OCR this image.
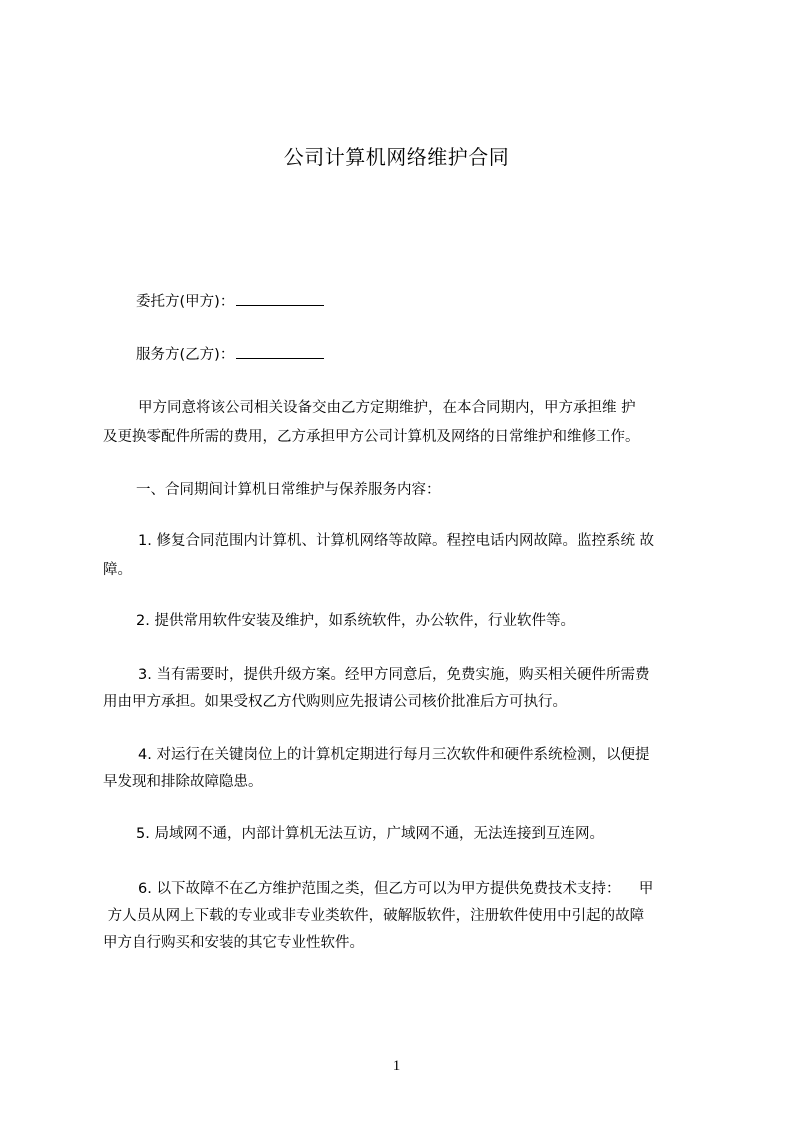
公司计算机网络维护合同
委托方(甲方)：
服务方(乙方)：
甲方同意将该公司相关设备交由乙方定期维护，在本合同期内，甲方承担维 护
及更换零配件所需的费用，乙方承担甲方公司计算机及网络的日常维护和维修工作。
一、合同期间计算机日常维护与保养服务内容：
1. 修复合同范围内计算机、计算机网络等故障。程控电话内网故障。监控系统 故
障。
2. 提供常用软件安装及维护，如系统软件，办公软件，行业软件等。
3. 当有需要时，提供升级方案。经甲方同意后，免费实施，购买相关硬件所需费
用由甲方承担。如果受权乙方代购则应先报请公司核价批准后方可执行。
4. 对运行在关键岗位上的计算机定期进行每月三次软件和硬件系统检测，以便提
早发现和排除故障隐患。
5. 局域网不通，内部计算机无法互访，广域网不通，无法连接到互连网。
6. 以下故障不在乙方维护范围之类，但乙方可以为甲方提供免费技术支持：    甲
方人员从网上下载的专业或非专业类软件，破解版软件，注册软件使用中引起的故障
甲方自行购买和安装的其它专业性软件。
1
